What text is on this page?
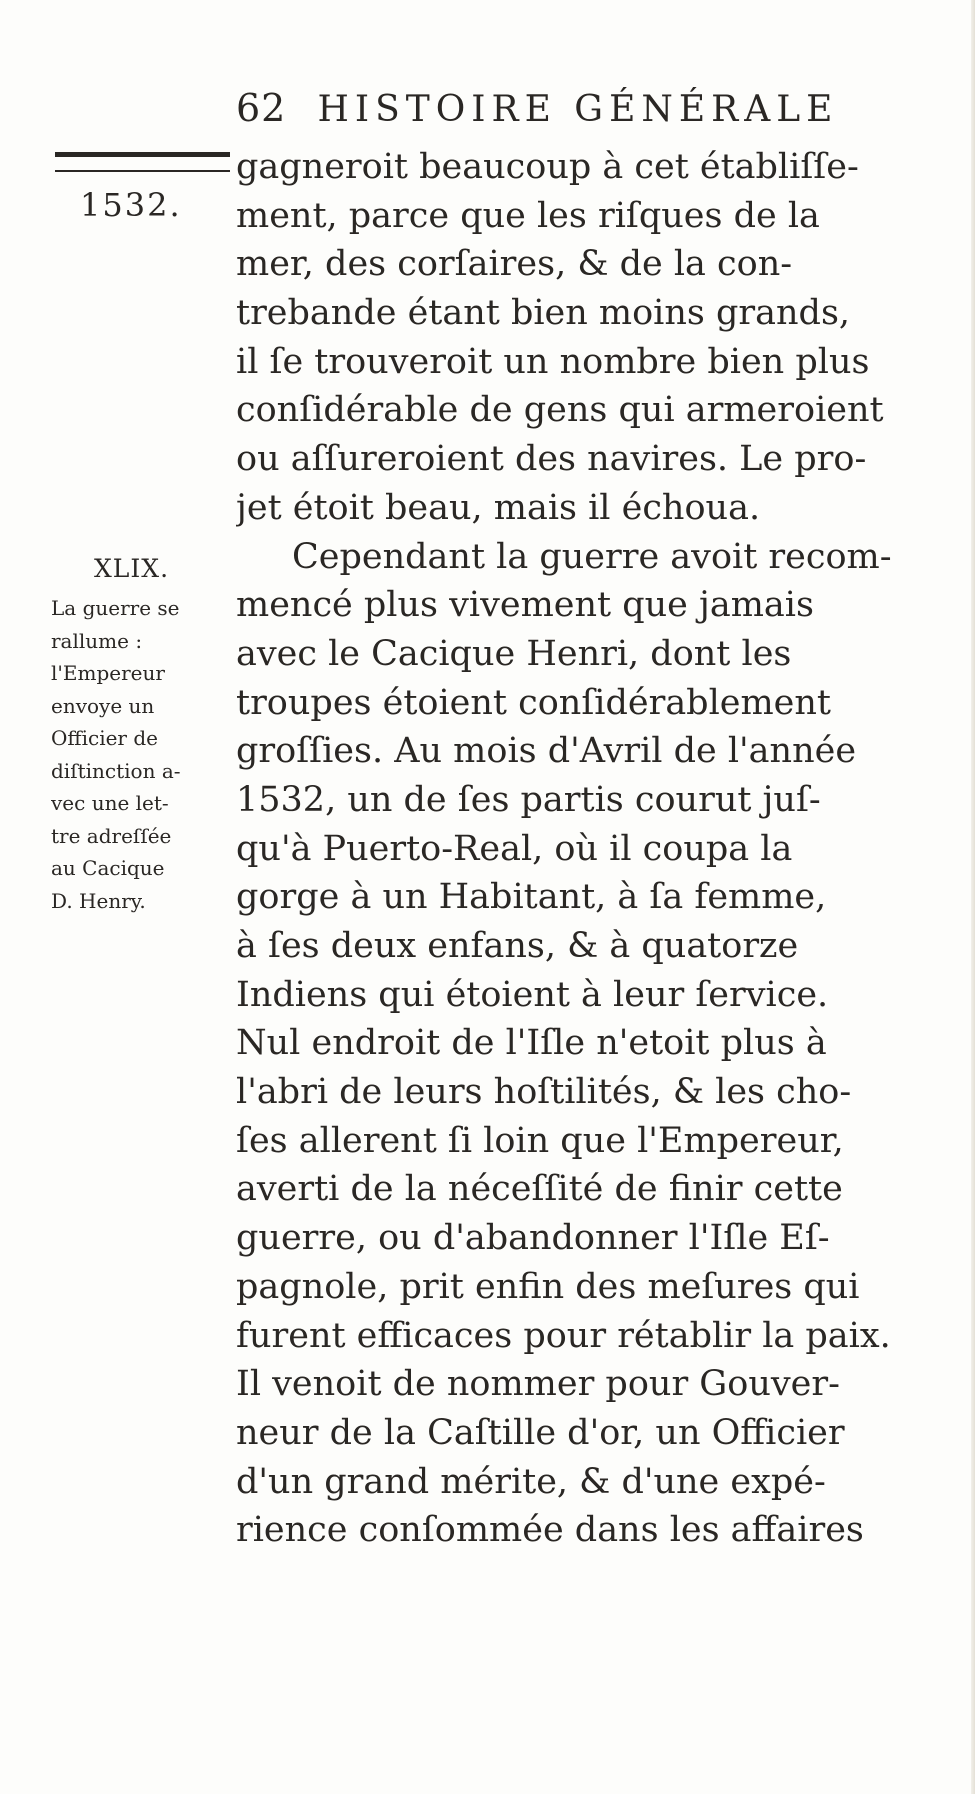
62 HISTOIRE GÉNÉRALE
1532.
gagneroit beaucoup à cet établiſſe-
ment, parce que les riſques de la
mer, des corſaires, & de la con-
trebande étant bien moins grands,
il ſe trouveroit un nombre bien plus
conſidérable de gens qui armeroient
ou aſſureroient des navires. Le pro-
jet étoit beau, mais il échoua.
Cependant la guerre avoit recom-
mencé plus vivement que jamais
avec le Cacique Henri, dont les
troupes étoient conſidérablement
groſſies. Au mois d'Avril de l'année
1532, un de ſes partis courut juſ-
qu'à Puerto-Real, où il coupa la
gorge à un Habitant, à ſa femme,
à ſes deux enfans, & à quatorze
Indiens qui étoient à leur ſervice.
Nul endroit de l'Iſle n'etoit plus à
l'abri de leurs hoſtilités, & les cho-
ſes allerent ſi loin que l'Empereur,
averti de la néceſſité de finir cette
guerre, ou d'abandonner l'Iſle Eſ-
pagnole, prit enfin des meſures qui
furent efficaces pour rétablir la paix.
Il venoit de nommer pour Gouver-
neur de la Caſtille d'or, un Officier
d'un grand mérite, & d'une expé-
rience conſommée dans les affaires
XLIX.
La guerre se
rallume :
l'Empereur
envoye un
Officier de
diſtinction a-
vec une let-
tre adreſſée
au Cacique
D. Henry.
